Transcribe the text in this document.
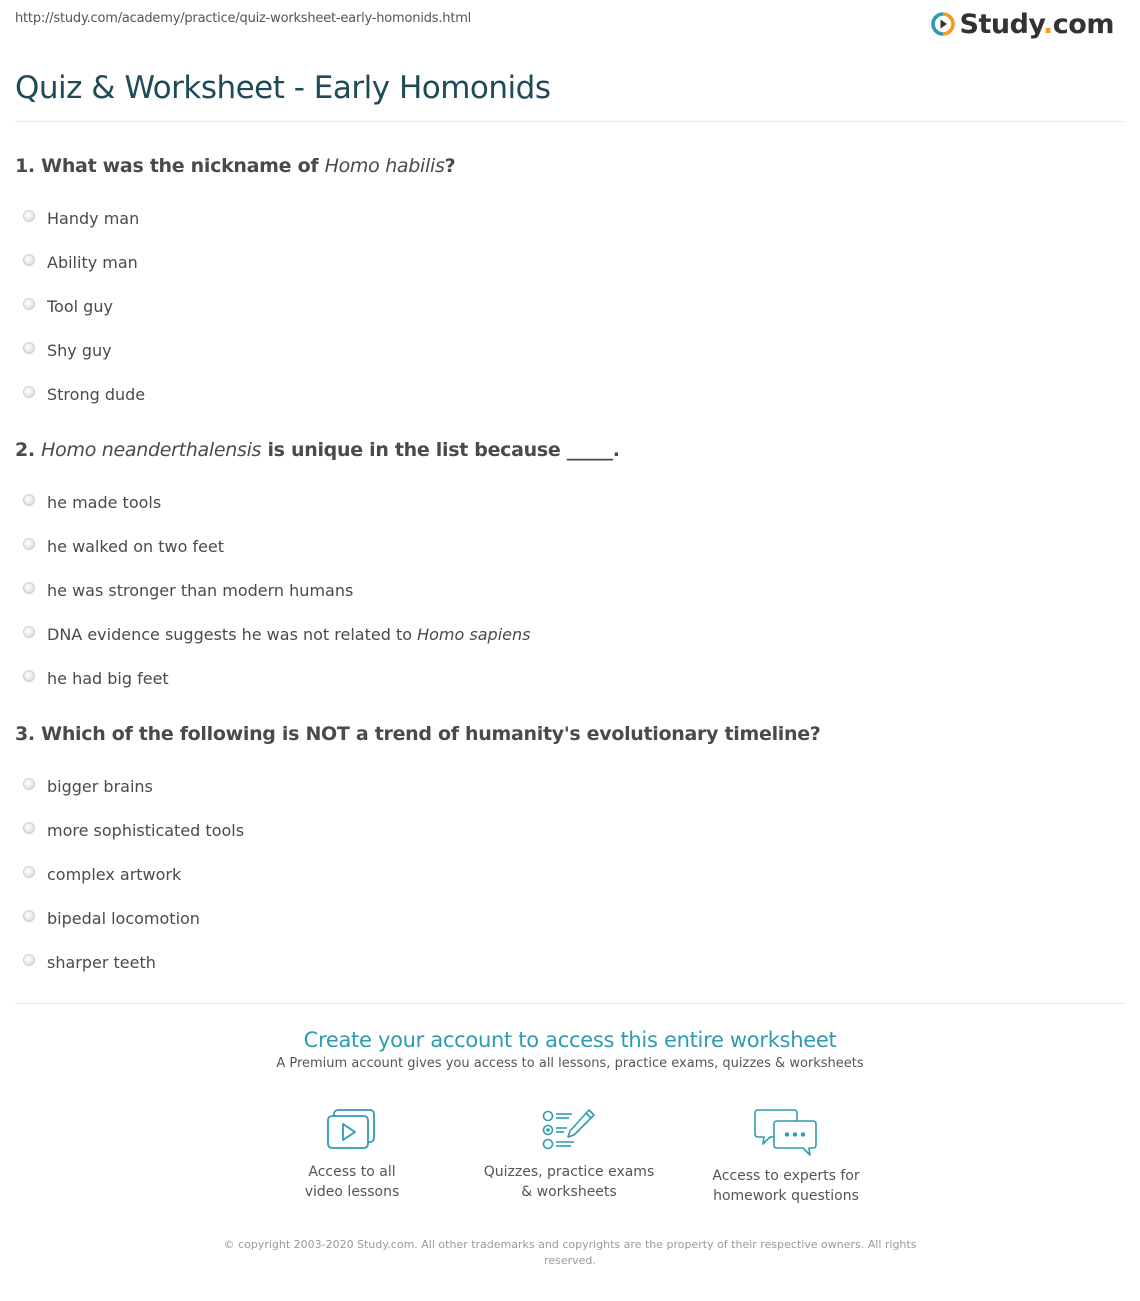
http://study.com/academy/practice/quiz-worksheet-early-homonids.html	Study.com
Quiz & Worksheet - Early Homonids
1. What was the nickname of Homo habilis?
Handy man
Ability man
Tool guy
Shy guy
Strong dude
2. Homo neanderthalensis is unique in the list because _____.
he made tools
he walked on two feet
he was stronger than modern humans
DNA evidence suggests he was not related to Homo sapiens
he had big feet
3. Which of the following is NOT a trend of humanity's evolutionary timeline?
bigger brains
more sophisticated tools
complex artwork
bipedal locomotion
sharper teeth
Create your account to access this entire worksheet
A Premium account gives you access to all lessons, practice exams, quizzes & worksheets
Access to all
video lessons
Quizzes, practice exams
& worksheets
Access to experts for
homework questions
© copyright 2003-2020 Study.com. All other trademarks and copyrights are the property of their respective owners. All rights reserved.
